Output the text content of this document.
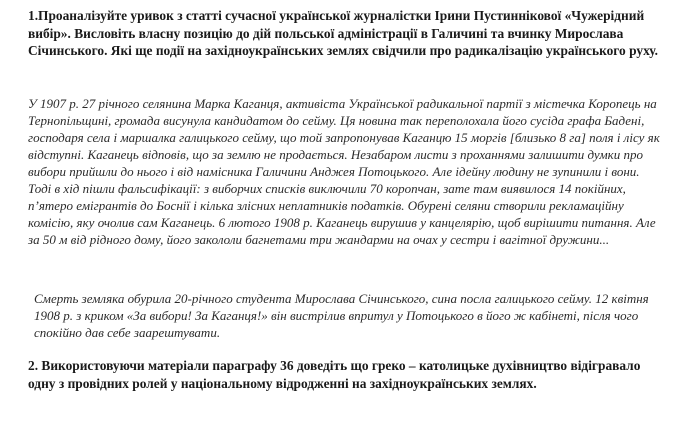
1.Проаналізуйте уривок з статті сучасної української журналістки Ірини Пустиннікової «Чужерідний вибір». Висловіть власну позицію до дій польської адміністрації в Галичині та вчинку Мирослава Січинського. Які ще події на західноукраїнських землях свідчили про радикалізацію українського руху.
У 1907 р. 27 річного селянина Марка Каганця, активіста Української радикальної партії з містечка Коропець на Тернопільщині, громада висунула кандидатом до сейму. Ця новина так переполохала його сусіда графа Бадені, господаря села і маршалка галицького сейму, що той запропонував Каганцю 15 моргів [близько 8 га] поля і лісу як відступні. Каганець відповів, що за землю не продається. Незабаром листи з проханнями залишити думки про вибори прийшли до нього і від намісника Галичини Анджея Потоцького. Але ідейну людину не зупинили і вони. Тоді в хід пішли фальсифікації: з виборчих списків виключили 70 коропчан, зате там виявилося 14 покійних, п’ятеро емігрантів до Боснії і кілька злісних неплатників податків. Обурені селяни створили рекламаційну комісію, яку очолив сам Каганець. 6 лютого 1908 р. Каганець вирушив у канцелярію, щоб вирішити питання. Але за 50 м від рідного дому, його закололи багнетами три жандарми на очах у сестри і вагітної дружини...
Смерть земляка обурила 20-річного студента Мирослава Січинського, сина посла галицького сейму. 12 квітня 1908 р. з криком «За вибори! За Каганця!» він вистрілив впритул у Потоцького в його ж кабінеті, після чого спокійно дав себе заарештувати.
2. Використовуючи матеріали параграфу 36 доведіть що греко – католицьке духівництво відігравало одну з провідних ролей у національному відродженні на західноукраїнських землях.
